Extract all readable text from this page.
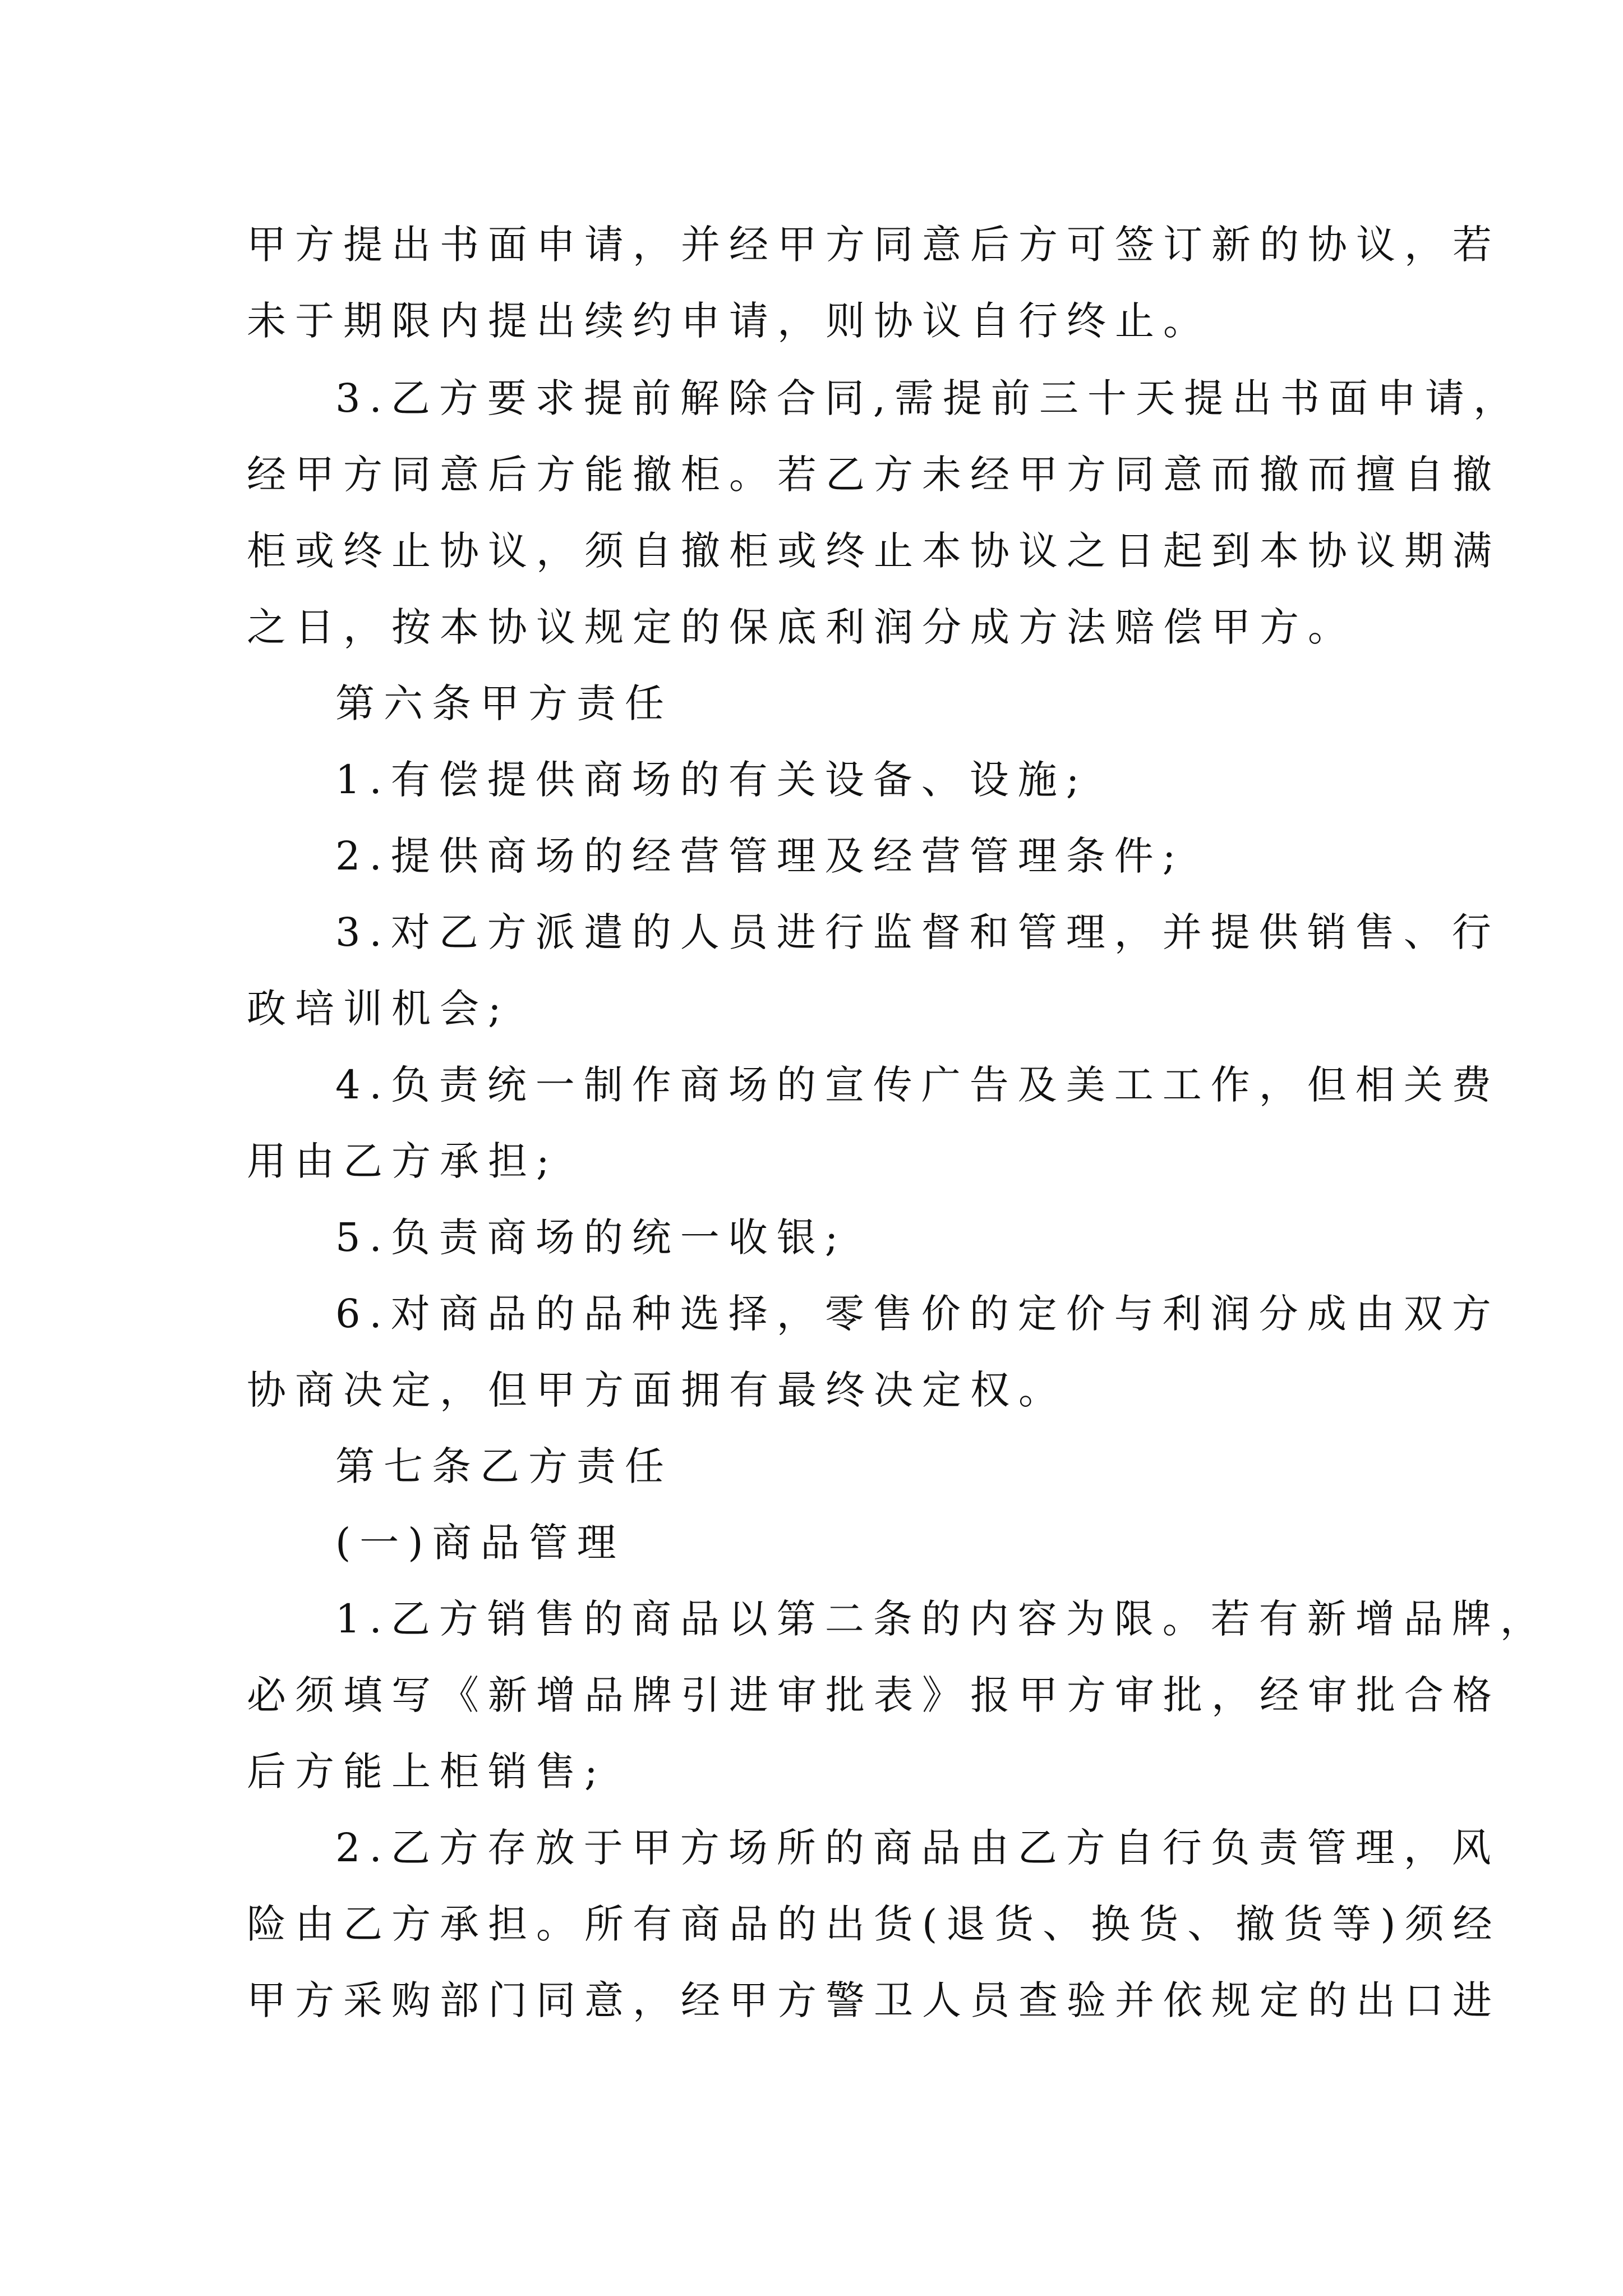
甲方提出书面申请，并经甲方同意后方可签订新的协议，若
未于期限内提出续约申请，则协议自行终止。
3.乙方要求提前解除合同,需提前三十天提出书面申请，
经甲方同意后方能撤柜。若乙方未经甲方同意而撤而擅自撤
柜或终止协议，须自撤柜或终止本协议之日起到本协议期满
之日，按本协议规定的保底利润分成方法赔偿甲方。
第六条甲方责任
1.有偿提供商场的有关设备、设施;
2.提供商场的经营管理及经营管理条件;
3.对乙方派遣的人员进行监督和管理，并提供销售、行
政培训机会;
4.负责统一制作商场的宣传广告及美工工作，但相关费
用由乙方承担;
5.负责商场的统一收银;
6.对商品的品种选择，零售价的定价与利润分成由双方
协商决定，但甲方面拥有最终决定权。
第七条乙方责任
(一)商品管理
1.乙方销售的商品以第二条的内容为限。若有新增品牌，
必须填写《新增品牌引进审批表》报甲方审批，经审批合格
后方能上柜销售;
2.乙方存放于甲方场所的商品由乙方自行负责管理，风
险由乙方承担。所有商品的出货(退货、换货、撤货等)须经
甲方采购部门同意，经甲方警卫人员查验并依规定的出口进
